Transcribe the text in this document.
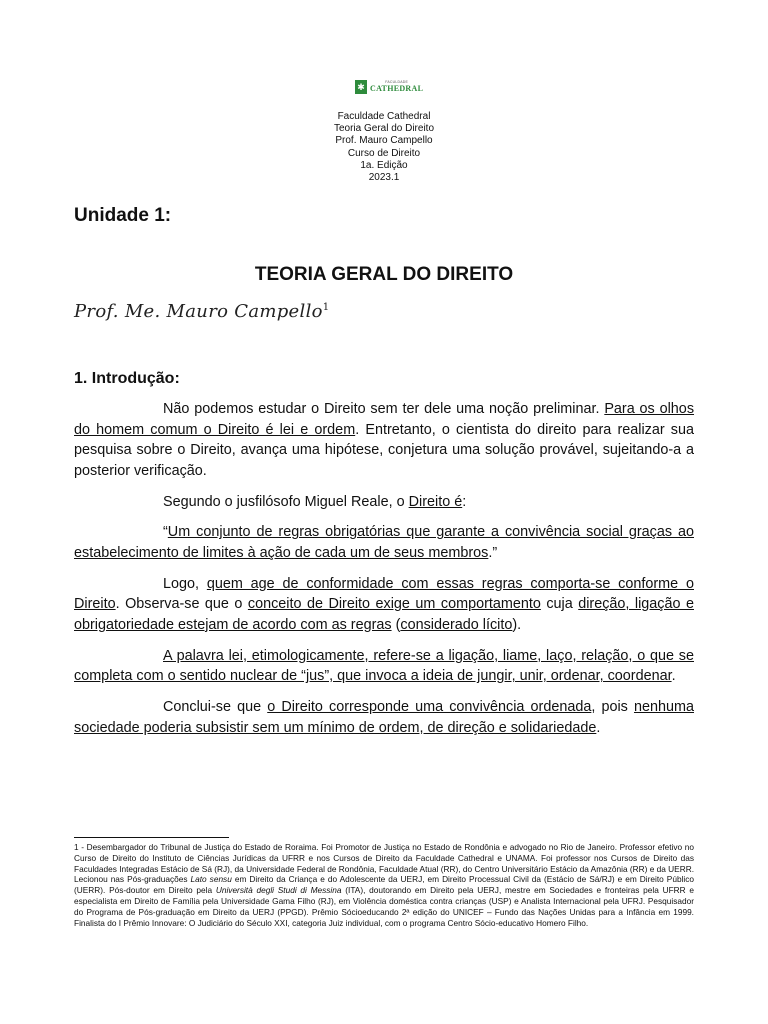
✱	FACULDADE
CATHEDRAL
Faculdade Cathedral
Teoria Geral do Direito
Prof. Mauro Campello
Curso de Direito
1a. Edição
2023.1
Unidade 1:
TEORIA GERAL DO DIREITO
Prof. Me. Mauro Campello$^1$
1. Introdução:

Não podemos estudar o Direito sem ter dele uma noção preliminar. Para os olhos do homem comum o Direito é lei e ordem. Entretanto, o cientista do direito para realizar sua pesquisa sobre o Direito, avança uma hipótese, conjetura uma solução provável, sujeitando-a a posterior verificação.

Segundo o jusfilósofo Miguel Reale, o Direito é:

“Um conjunto de regras obrigatórias que garante a convivência social graças ao estabelecimento de limites à ação de cada um de seus membros.”

Logo, quem age de conformidade com essas regras comporta-se conforme o Direito. Observa-se que o conceito de Direito exige um comportamento cuja direção, ligação e obrigatoriedade estejam de acordo com as regras (considerado lícito).

A palavra lei, etimologicamente, refere-se a ligação, liame, laço, relação, o que se completa com o sentido nuclear de “jus”, que invoca a ideia de jungir, unir, ordenar, coordenar.

Conclui-se que o Direito corresponde uma convivência ordenada, pois nenhuma sociedade poderia subsistir sem um mínimo de ordem, de direção e solidariedade.

1 - Desembargador do Tribunal de Justiça do Estado de Roraima. Foi Promotor de Justiça no Estado de Rondônia e advogado no Rio de Janeiro. Professor efetivo no Curso de Direito do Instituto de Ciências Jurídicas da UFRR e nos Cursos de Direito da Faculdade Cathedral e UNAMA. Foi professor nos Cursos de Direito das Faculdades Integradas Estácio de Sá (RJ), da Universidade Federal de Rondônia, Faculdade Atual (RR), do Centro Universitário Estácio da Amazônia (RR) e da UERR. Lecionou nas Pós-graduações Lato sensu em Direito da Criança e do Adolescente da UERJ, em Direito Processual Civil da (Estácio de Sá/RJ) e em Direito Público (UERR). Pós-doutor em Direito pela Università degli Studi di Messina (ITA), doutorando em Direito pela UERJ, mestre em Sociedades e fronteiras pela UFRR e especialista em Direito de Família pela Universidade Gama Filho (RJ), em Violência doméstica contra crianças (USP) e Analista Internacional pela UFRJ. Pesquisador do Programa de Pós-graduação em Direito da UERJ (PPGD). Prêmio Sócioeducando 2ª edição do UNICEF – Fundo das Nações Unidas para a Infância em 1999. Finalista do I Prêmio Innovare: O Judiciário do Século XXI, categoria Juiz individual, com o programa Centro Sócio-educativo Homero Filho.
